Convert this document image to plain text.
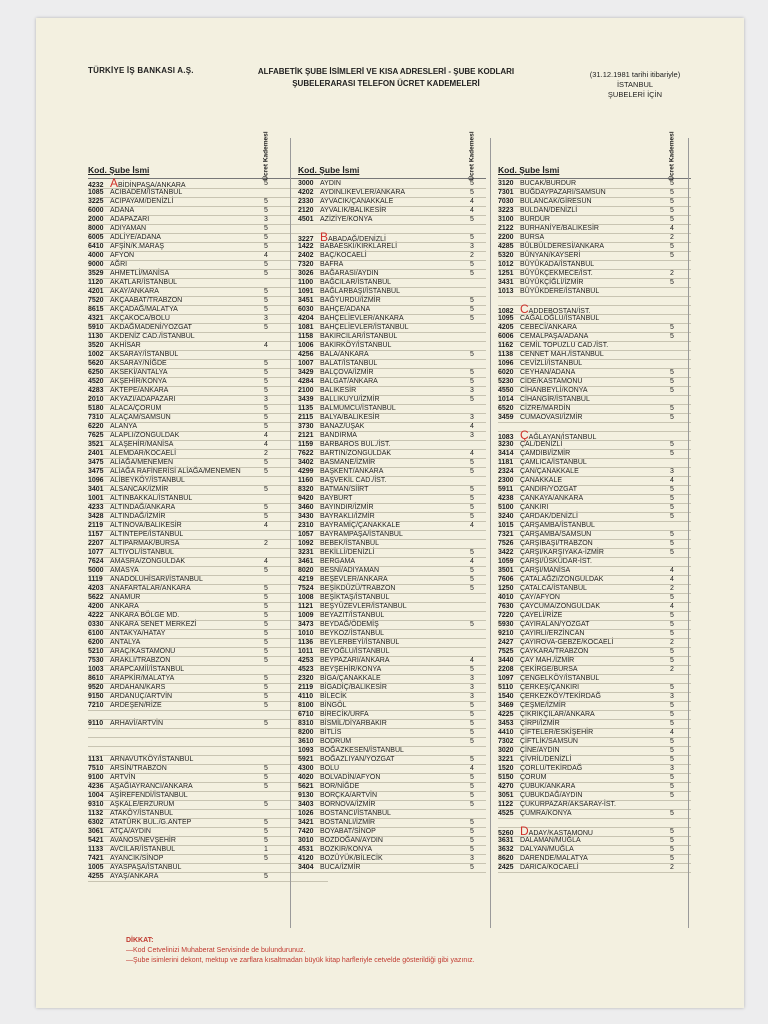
TÜRKİYE İŞ BANKASI A.Ş.	ALFABETİK ŞUBE İSİMLERİ VE KISA ADRESLERİ - ŞUBE KODLARI
ŞUBELERARASI TELEFON ÜCRET KADEMELERİ
(31.12.1981 tarihi itibariyle)
İSTANBUL
ŞUBELERİ İÇİN
Kod. Şube İsmi	Ücret Kademesi
4232 ABİDİNPAŞA/ANKARA	5
1085 ACIBADEM/İSTANBUL
3225 ACIPAYAM/DENİZLİ	5
6000 ADANA	5
2000 ADAPAZARI	3
8000 ADIYAMAN	5
6005 ADLİYE/ADANA	5
6410 AFŞİN/K.MARAŞ	5
4000 AFYON	4
9000 AĞRI	5
3529 AHMETLİ/MANİSA	5
1120 AKATLAR/İSTANBUL
4201 AKAY/ANKARA	5
7520 AKÇAABAT/TRABZON	5
8615 AKÇADAĞ/MALATYA	5
4321 AKÇAKOCA/BOLU	3
5910 AKDAĞMADENİ/YOZGAT	5
1130 AKDENİZ CAD./İSTANBUL
3520 AKHİSAR	4
1002 AKSARAY/İSTANBUL
5620 AKSARAY/NİĞDE	5
6250 AKSEKİ/ANTALYA	5
4520 AKŞEHİR/KONYA	5
4283 AKTEPE/ANKARA	5
2010 AKYAZI/ADAPAZARI	3
5180 ALACA/ÇORUM	5
7310 ALAÇAM/SAMSUN	5
6220 ALANYA	5
7625 ALAPLI/ZONGULDAK	4
3521 ALAŞEHİR/MANİSA	4
2401 ALEMDAR/KOCAELİ	2
3475 ALİAĞA/MENEMEN	5
3475 ALİAĞA RAFİNERİSİ ALİAĞA/MENEMEN	5
1096 ALİBEYKÖY/İSTANBUL
3401 ALSANCAK/İZMİR	5
1001 ALTINBAKKAL/İSTANBUL
4233 ALTINDAĞ/ANKARA	5
3428 ALTINDAĞ/İZMİR	5
2119 ALTINOVA/BALIKESİR	4
1157 ALTINTEPE/İSTANBUL
2207 ALTIPARMAK/BURSA	2
1077 ALTIYOL/İSTANBUL
7624 AMASRA/ZONGULDAK	4
5000 AMASYA	5
1119 ANADOLUHİSARI/İSTANBUL
4203 ANAFARTALAR/ANKARA	5
5622 ANAMUR	5
4200 ANKARA	5
4222 ANKARA BÖLGE MD.	5
0330 ANKARA SENET MERKEZİ	5
6100 ANTAKYA/HATAY	5
6200 ANTALYA	5
5210 ARAÇ/KASTAMONU	5
7530 ARAKLI/TRABZON	5
1003 ARAPCAMİİ/İSTANBUL
8610 ARAPKİR/MALATYA	5
9520 ARDAHAN/KARS	5
9150 ARDANUÇ/ARTVİN	5
7210 ARDEŞEN/RİZE	5
9110 ARHAVİ/ARTVİN	5
1131 ARNAVUTKÖY/İSTANBUL
7510 ARSİN/TRABZON	5
9100 ARTVİN	5
4236 AŞAĞIAYRANCI/ANKARA	5
1004 AŞİREFENDİ/İSTANBUL
9310 AŞKALE/ERZURUM	5
1132 ATAKÖY/İSTANBUL
6302 ATATÜRK BUL./G.ANTEP	5
3061 ATÇA/AYDIN	5
5421 AVANOS/NEVŞEHİR	5
1133 AVCILAR/İSTANBUL	1
7421 AYANCIK/SİNOP	5
1005 AYASPAŞA/İSTANBUL
4255 AYAŞ/ANKARA	5
Kod. Şube İsmi	Ücret Kademesi
3000 AYDIN	5
4202 AYDINLIKEVLER/ANKARA	5
2330 AYVACIK/ÇANAKKALE	4
2120 AYVALIK/BALIKESİR	4
4501 AZİZİYE/KONYA	5
3227 BABADAĞ/DENİZLİ	5
1422 BABAESKİ/KIRKLARELİ	3
2402 BAÇ/KOCAELİ	2
7320 BAFRA	5
3026 BAĞARASI/AYDIN	5
1100 BAĞCILAR/İSTANBUL
1091 BAĞLARBAŞI/İSTANBUL
3451 BAĞYURDU/İZMİR	5
6030 BAHÇE/ADANA	5
4204 BAHÇELİEVLER/ANKARA	5
1081 BAHÇELİEVLER/İSTANBUL
1158 BAKIRCILAR/İSTANBUL
1006 BAKIRKÖY/İSTANBUL
4256 BALA/ANKARA	5
1007 BALAT/İSTANBUL
3429 BALÇOVA/İZMİR	5
4284 BALGAT/ANKARA	5
2100 BALIKESİR	3
3439 BALLIKUYU/İZMİR	5
1135 BALMUMCU/İSTANBUL
2115 BALYA/BALIKESİR	3
3730 BANAZ/UŞAK	4
2121 BANDIRMA	3
1159 BARBAROS BUL./İST.
7622 BARTIN/ZONGULDAK	4
3402 BASMANE/İZMİR	5
4299 BAŞKENT/ANKARA	5
1160 BAŞVEKİL CAD./İST.
8320 BATMAN/SİİRT	5
9420 BAYBURT	5
3460 BAYINDIR/İZMİR	5
3430 BAYRAKLI/İZMİR	5
2310 BAYRAMİÇ/ÇANAKKALE	4
1057 BAYRAMPAŞA/İSTANBUL
1092 BEBEK/İSTANBUL
3231 BEKİLLİ/DENİZLİ	5
3461 BERGAMA	4
8020 BESNİ/ADIYAMAN	5
4219 BEŞEVLER/ANKARA	5
7524 BEŞİKDÜZÜ/TRABZON	5
1008 BEŞİKTAŞ/İSTANBUL
1121 BEŞYÜZEVLER/İSTANBUL
1009 BEYAZIT/İSTANBUL
3473 BEYDAĞ/ÖDEMİŞ	5
1010 BEYKOZ/İSTANBUL
1136 BEYLERBEYİ/İSTANBUL
1011 BEYOĞLU/İSTANBUL
4253 BEYPAZARI/ANKARA	4
4523 BEYŞEHİR/KONYA	5
2320 BİGA/ÇANAKKALE	3
2119 BİGADİÇ/BALIKESİR	3
4110 BİLECİK	3
8100 BİNGÖL	5
6710 BİRECİK/URFA	5
8310 BİSMİL/DİYARBAKIR	5
8200 BİTLİS	5
3610 BODRUM	5
1093 BOĞAZKESEN/İSTANBUL
5921 BOĞAZLIYAN/YOZGAT	5
4300 BOLU	4
4020 BOLVADİN/AFYON	5
5621 BOR/NİĞDE	5
9130 BORÇKA/ARTVİN	5
3403 BORNOVA/İZMİR	5
1026 BOSTANCI/İSTANBUL
3421 BOSTANLI/İZMİR	5
7420 BOYABAT/SİNOP	5
3010 BOZDOĞAN/AYDIN	5
4531 BOZKIR/KONYA	5
4120 BOZÜYÜK/BİLECİK	3
3404 BUCA/İZMİR	5
Kod. Şube İsmi	Ücret Kademesi
3120 BUCAK/BURDUR	5
7301 BUĞDAYPAZARI/SAMSUN	5
7030 BULANCAK/GİRESUN	5
3223 BULDAN/DENİZLİ	5
3100 BURDUR	5
2122 BURHANİYE/BALIKESİR	4
2200 BURSA	2
4285 BÜLBÜLDERESİ/ANKARA	5
5320 BÜNYAN/KAYSERİ	5
1012 BÜYÜKADA/İSTANBUL
1251 BÜYÜKÇEKMECE/İST.	2
3431 BÜYÜKÇİĞLİ/İZMİR	5
1013 BÜYÜKDERE/İSTANBUL
1082 CADDEBOSTAN/İST.
1095 CAĞALOĞLU/İSTANBUL
4205 CEBECİ/ANKARA	5
6006 CEMALPAŞA/ADANA	5
1162 CEMİL TOPUZLU CAD./İST.
1138 CENNET MAH./İSTANBUL
1096 CEVİZLİ/İSTANBUL
6020 CEYHAN/ADANA	5
5230 CİDE/KASTAMONU	5
4550 CİHANBEYLİ/KONYA	5
1014 CİHANGİR/İSTANBUL
6520 CİZRE/MARDİN	5
3459 CUMAOVASI/İZMİR	5
1083 ÇAĞLAYAN/İSTANBUL
3230 ÇAL/DENİZLİ	5
3414 ÇAMDIBI/İZMİR	5
1181 ÇAMLICA/İSTANBUL
2324 ÇAN/ÇANAKKALE	3
2300 ÇANAKKALE	4
5911 ÇANDIR/YOZGAT	5
4238 ÇANKAYA/ANKARA	5
5100 ÇANKIRI	5
3240 ÇARDAK/DENİZLİ	5
1015 ÇARŞAMBA/İSTANBUL
7321 ÇARŞAMBA/SAMSUN	5
7526 ÇARŞIBAŞI/TRABZON	5
3422 ÇARŞI/KARŞIYAKA-İZMİR	5
1059 ÇARŞI/ÜSKÜDAR-İST.
3501 ÇARŞI/MANİSA	4
7606 ÇATALAĞZI/ZONGULDAK	4
1250 ÇATALCA/İSTANBUL	2
4010 ÇAY/AFYON	5
7630 ÇAYCUMA/ZONGULDAK	4
7220 ÇAYELİ/RİZE	5
5930 ÇAYIRALAN/YOZGAT	5
9210 ÇAYIRLI/ERZİNCAN	5
2427 ÇAYIROVA-GEBZE/KOCAELİ	2
7525 ÇAYKARA/TRABZON	5
3440 ÇAY MAH./İZMİR	5
2208 ÇEKİRGE/BURSA	2
1097 ÇENGELKÖY/İSTANBUL
5110 ÇERKEŞ/ÇANKIRI	5
1540 ÇERKEZKÖY/TEKİRDAĞ	3
3469 ÇEŞME/İZMİR	5
4225 ÇIKRIKÇILAR/ANKARA	5
3453 ÇİRPI/İZMİR	5
4410 ÇİFTELER/ESKİŞEHİR	4
7302 ÇİFTLİK/SAMSUN	5
3020 ÇİNE/AYDIN	5
3221 ÇİVRİL/DENİZLİ	5
1520 ÇORLU/TEKİRDAĞ	3
5150 ÇORUM	5
4270 ÇUBUK/ANKARA	5
3051 ÇUBUKDAĞ/AYDIN	5
1122 ÇUKURPAZAR/AKSARAY-İST.
4525 ÇUMRA/KONYA	5
5260 DADAY/KASTAMONU	5
3631 DALAMAN/MUĞLA	5
3632 DALYAN/MUĞLA	5
8620 DARENDE/MALATYA	5
2425 DARICA/KOCAELİ	2
DİKKAT:
—Kod Cetvelinizi Muhaberat Servisinde de bulundurunuz.
—Şube isimlerini dekont, mektup ve zarflara kısaltmadan büyük kitap harfleriyle cetvelde gösterildiği gibi yazınız.
